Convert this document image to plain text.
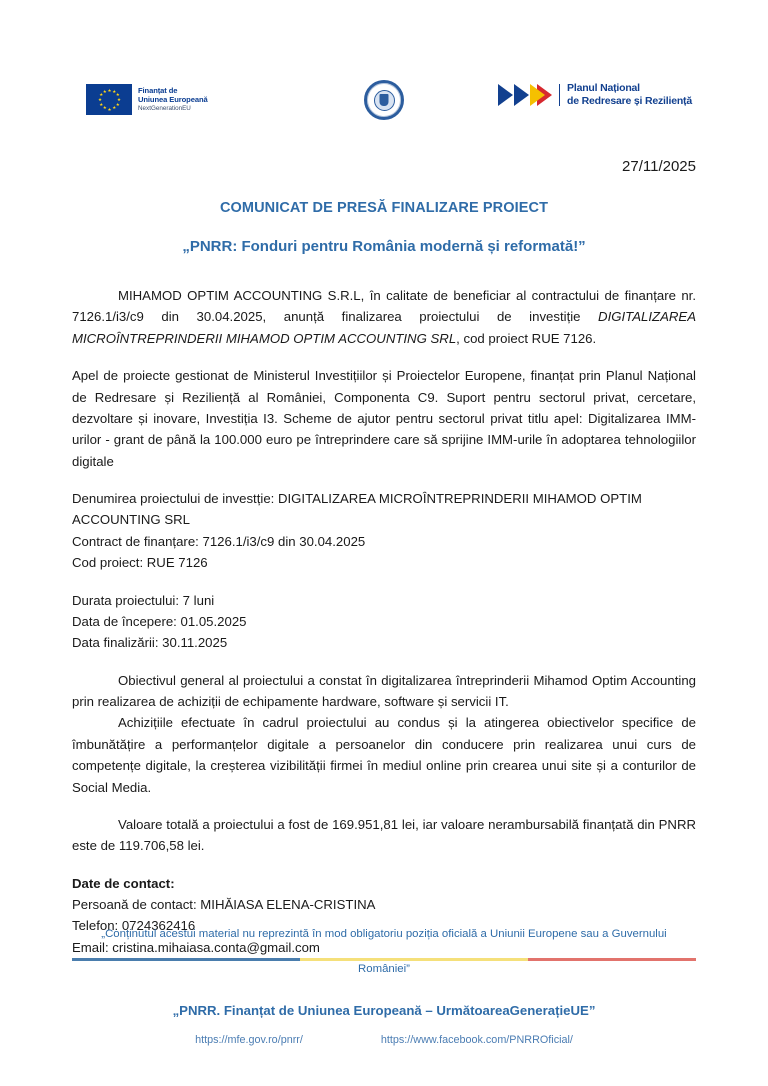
★ ★
★
★
★
★
★
★
★
★
★
★	Finanțat de
Uniunea Europeană
NextGenerationEU
Planul Național
de Redresare și Reziliență
27/11/2025
COMUNICAT DE PRESĂ FINALIZARE PROIECT
„PNRR: Fonduri pentru România modernă și reformată!”

MIHAMOD OPTIM ACCOUNTING S.R.L, în calitate de beneficiar al contractului de finanțare nr. 7126.1/i3/c9 din 30.04.2025, anunță finalizarea proiectului de investiție DIGITALIZAREA MICROÎNTREPRINDERII MIHAMOD OPTIM ACCOUNTING SRL, cod proiect RUE 7126.

Apel de proiecte gestionat de Ministerul Investițiilor și Proiectelor Europene, finanțat prin Planul Național de Redresare și Reziliență al României, Componenta C9. Suport pentru sectorul privat, cercetare, dezvoltare și inovare, Investiția I3. Scheme de ajutor pentru sectorul privat titlu apel: Digitalizarea IMM-urilor - grant de până la 100.000 euro pe întreprindere care să sprijine IMM-urile în adoptarea tehnologiilor digitale

Denumirea proiectului de investție: DIGITALIZAREA MICROÎNTREPRINDERII MIHAMOD OPTIM ACCOUNTING SRL
Contract de finanțare: 7126.1/i3/c9 din 30.04.2025
Cod proiect: RUE 7126
Durata proiectului: 7 luni
Data de începere: 01.05.2025
Data finalizării: 30.11.2025

Obiectivul general al proiectului a constat în digitalizarea întreprinderii Mihamod Optim Accounting prin realizarea de achiziții de echipamente hardware, software și servicii IT.

Achizițiile efectuate în cadrul proiectului au condus și la atingerea obiectivelor specifice de îmbunătățire a performanțelor digitale a persoanelor din conducere prin realizarea unui curs de competențe digitale, la creșterea vizibilității firmei în mediul online prin crearea unui site și a conturilor de Social Media.

Valoare totală a proiectului a fost de 169.951,81 lei, iar valoare nerambursabilă finanțată din PNRR este de 119.706,58 lei.

Date de contact:
Persoană de contact: MIHĂIASA ELENA-CRISTINA
Telefon: 0724362416
Email: cristina.mihaiasa.conta@gmail.com
„Conținutul acestui material nu reprezintă în mod obligatoriu poziția oficială a Uniunii Europene sau a Guvernului
României”
„PNRR. Finanțat de Uniunea Europeană – UrmătoareaGenerațieUE”
https://mfe.gov.ro/pnrr/	https://www.facebook.com/PNRROficial/
